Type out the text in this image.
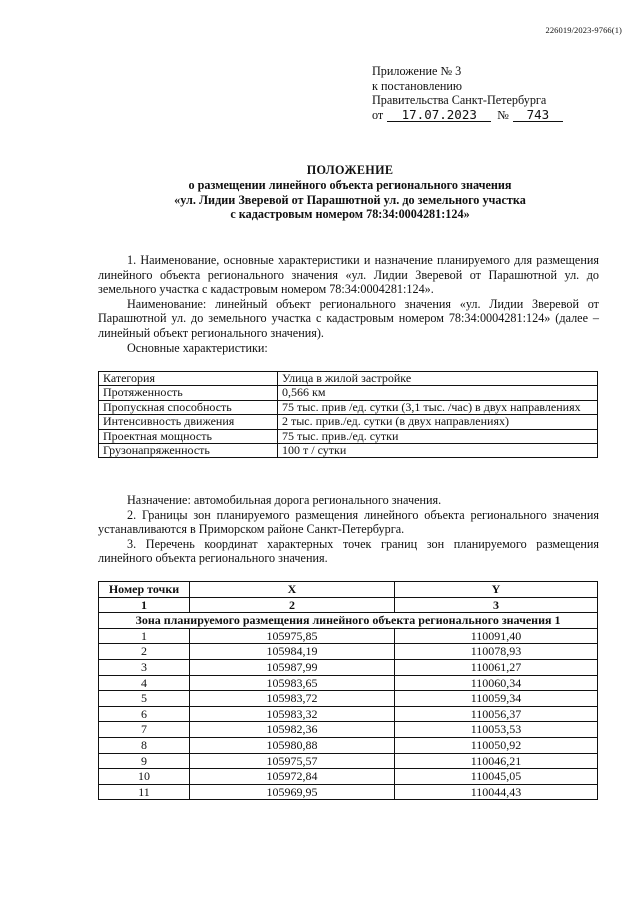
226019/2023-9766(1)
Приложение № 3
к постановлению
Правительства Санкт-Петербурга
от	17.07.2023	№	743
ПОЛОЖЕНИЕ
о размещении линейного объекта регионального значения
«ул. Лидии Зверевой от Парашютной ул. до земельного участка
с кадастровым номером 78:34:0004281:124»

1. Наименование, основные характеристики и назначение планируемого для размещения линейного объекта регионального значения «ул. Лидии Зверевой от Парашютной ул. до земельного участка с кадастровым номером 78:34:0004281:124».

Наименование: линейный объект регионального значения «ул. Лидии Зверевой от Парашютной ул. до земельного участка с кадастровым номером 78:34:0004281:124» (далее – линейный объект регионального значения).

Основные характеристики:

Категория	Улица в жилой застройке
Протяженность	0,566 км
Пропускная способность	75 тыс. прив /ед. сутки (3,1 тыс. /час) в двух направлениях
Интенсивность движения	2 тыс. прив./ед. сутки (в двух направлениях)
Проектная мощность	75 тыс. прив./ед. сутки
Грузонапряженность	100 т / сутки

Назначение: автомобильная дорога регионального значения.

2. Границы зон планируемого размещения линейного объекта регионального значения устанавливаются в Приморском районе Санкт-Петербурга.

3. Перечень координат характерных точек границ зон планируемого размещения линейного объекта регионального значения.

Номер точки	X	Y
1	2	3
Зона планируемого размещения линейного объекта регионального значения 1		
1	105975,85	110091,40
2	105984,19	110078,93
3	105987,99	110061,27
4	105983,65	110060,34
5	105983,72	110059,34
6	105983,32	110056,37
7	105982,36	110053,53
8	105980,88	110050,92
9	105975,57	110046,21
10	105972,84	110045,05
11	105969,95	110044,43
